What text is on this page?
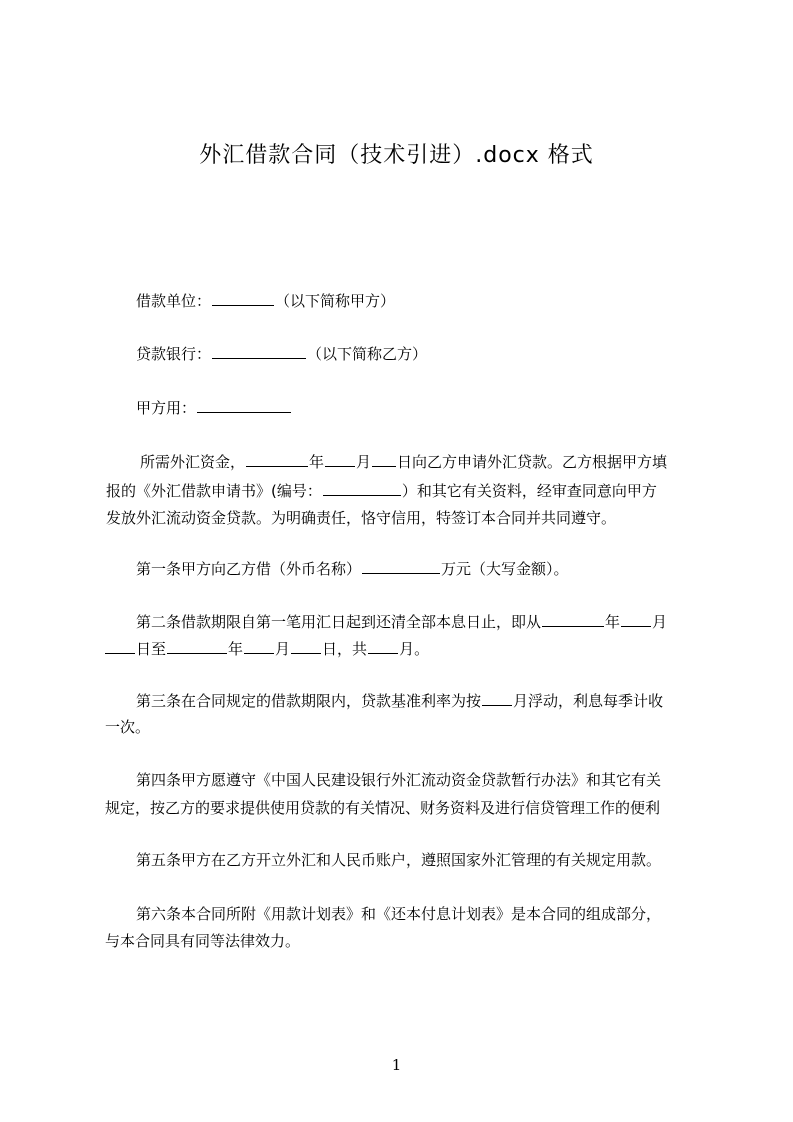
外汇借款合同（技术引进）.docx 格式
借款单位：	（以下简称甲方）
贷款银行：	（以下简称乙方）
甲方用：
所需外汇资金，	年 月 日向乙方申请外汇贷款。乙方根据甲方填
报的《外汇借款申请书》(编号：	）和其它有关资料，经审查同意向甲方
发放外汇流动资金贷款。为明确责任，恪守信用，特签订本合同并共同遵守。
第一条甲方向乙方借（外币名称）	万元（大写金额）。
第二条借款期限自第一笔用汇日起到还清全部本息日止，即从	年 月
日至	年 月 日，共 月。
第三条在合同规定的借款期限内，贷款基准利率为按 月浮动，利息每季计收
一次。
第四条甲方愿遵守《中国人民建设银行外汇流动资金贷款暂行办法》和其它有关
规定，按乙方的要求提供使用贷款的有关情况、财务资料及进行信贷管理工作的便利
第五条甲方在乙方开立外汇和人民币账户，遵照国家外汇管理的有关规定用款。
第六条本合同所附《用款计划表》和《还本付息计划表》是本合同的组成部分，
与本合同具有同等法律效力。
1
